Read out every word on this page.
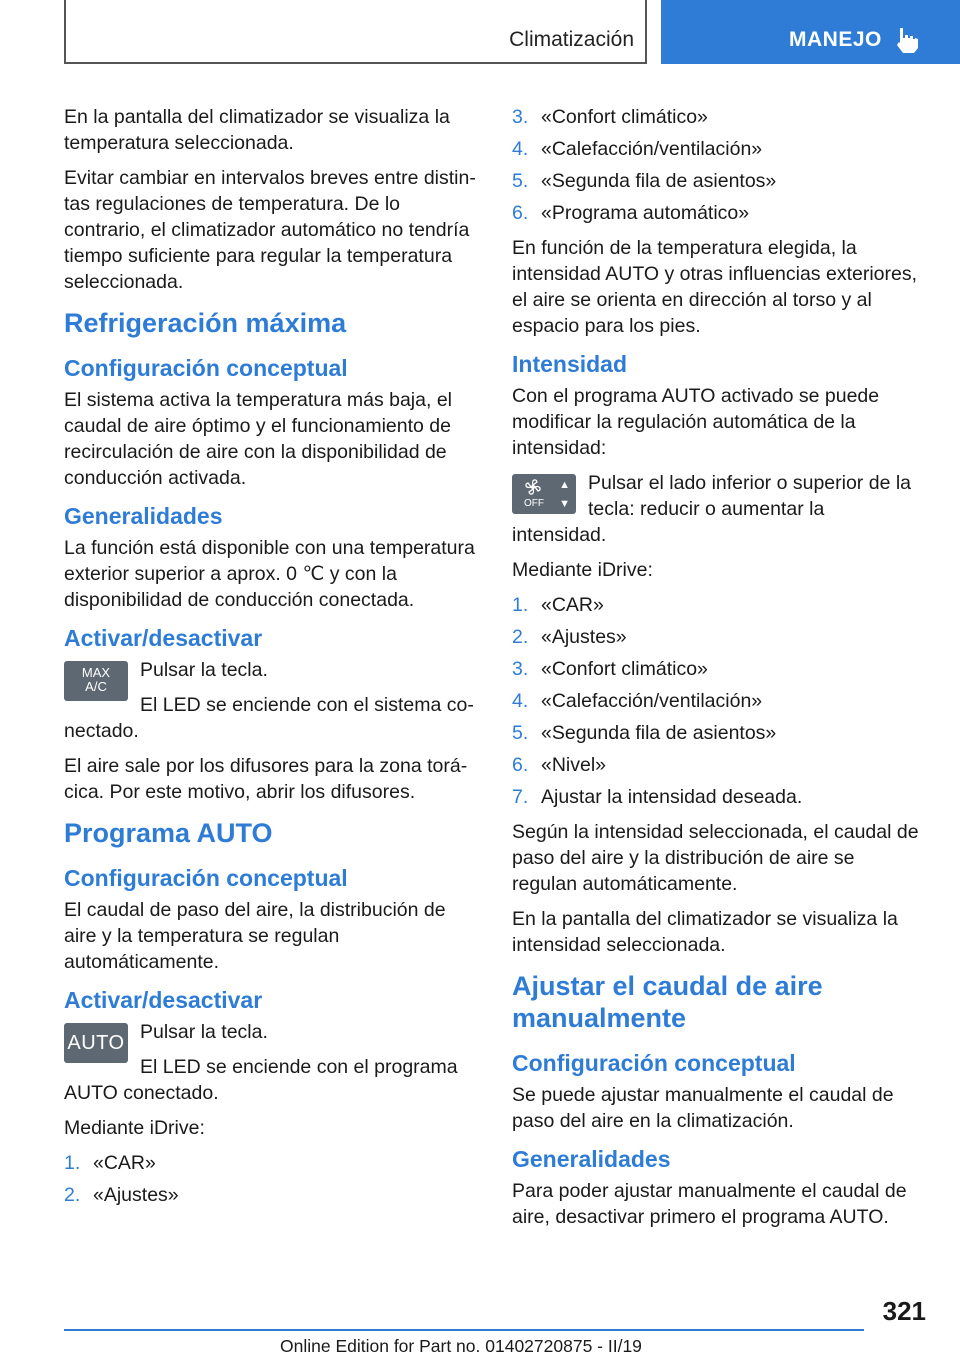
Climatización	MANEJO

En la pantalla del climatizador se visualiza la temperatura seleccionada.

Evitar cambiar en intervalos breves entre distintas regulaciones de temperatura. De lo contrario, el climatizador automático no tendría tiempo suficiente para regular la temperatura seleccionada.

Refrigeración máxima
Configuración conceptual

El sistema activa la temperatura más baja, el caudal de aire óptimo y el funcionamiento de recirculación de aire con la disponibilidad de conducción activada.

Generalidades

La función está disponible con una temperatura exterior superior a aprox. 0 ℃ y con la disponibilidad de conducción conectada.

Activar/desactivar
MAX
A/C

Pulsar la tecla.

El LED se enciende con el sistema conectado.

El aire sale por los difusores para la zona torácica. Por este motivo, abrir los difusores.

Programa AUTO
Configuración conceptual

El caudal de paso del aire, la distribución de aire y la temperatura se regulan automáticamente.

Activar/desactivar
AUTO Pulsar la tecla.

El LED se enciende con el programa AUTO conectado.

Mediante iDrive:

1. «CAR»
2. «Ajustes»
3. «Confort climático»
4. «Calefacción/ventilación»
5. «Segunda fila de asientos»
6. «Programa automático»

En función de la temperatura elegida, la intensidad AUTO y otras influencias exteriores, el aire se orienta en dirección al torso y al espacio para los pies.

Intensidad

Con el programa AUTO activado se puede modificar la regulación automática de la intensidad:

OFF
▲
▼

Pulsar el lado inferior o superior de la tecla: reducir o aumentar la intensidad.

Mediante iDrive:

1. «CAR»
2. «Ajustes»
3. «Confort climático»
4. «Calefacción/ventilación»
5. «Segunda fila de asientos»
6. «Nivel»
7. Ajustar la intensidad deseada.

Según la intensidad seleccionada, el caudal de paso del aire y la distribución de aire se regulan automáticamente.

En la pantalla del climatizador se visualiza la intensidad seleccionada.

Ajustar el caudal de aire manualmente
Configuración conceptual

Se puede ajustar manualmente el caudal de paso del aire en la climatización.

Generalidades

Para poder ajustar manualmente el caudal de aire, desactivar primero el programa AUTO.

321
Online Edition for Part no. 01402720875 - II/19
